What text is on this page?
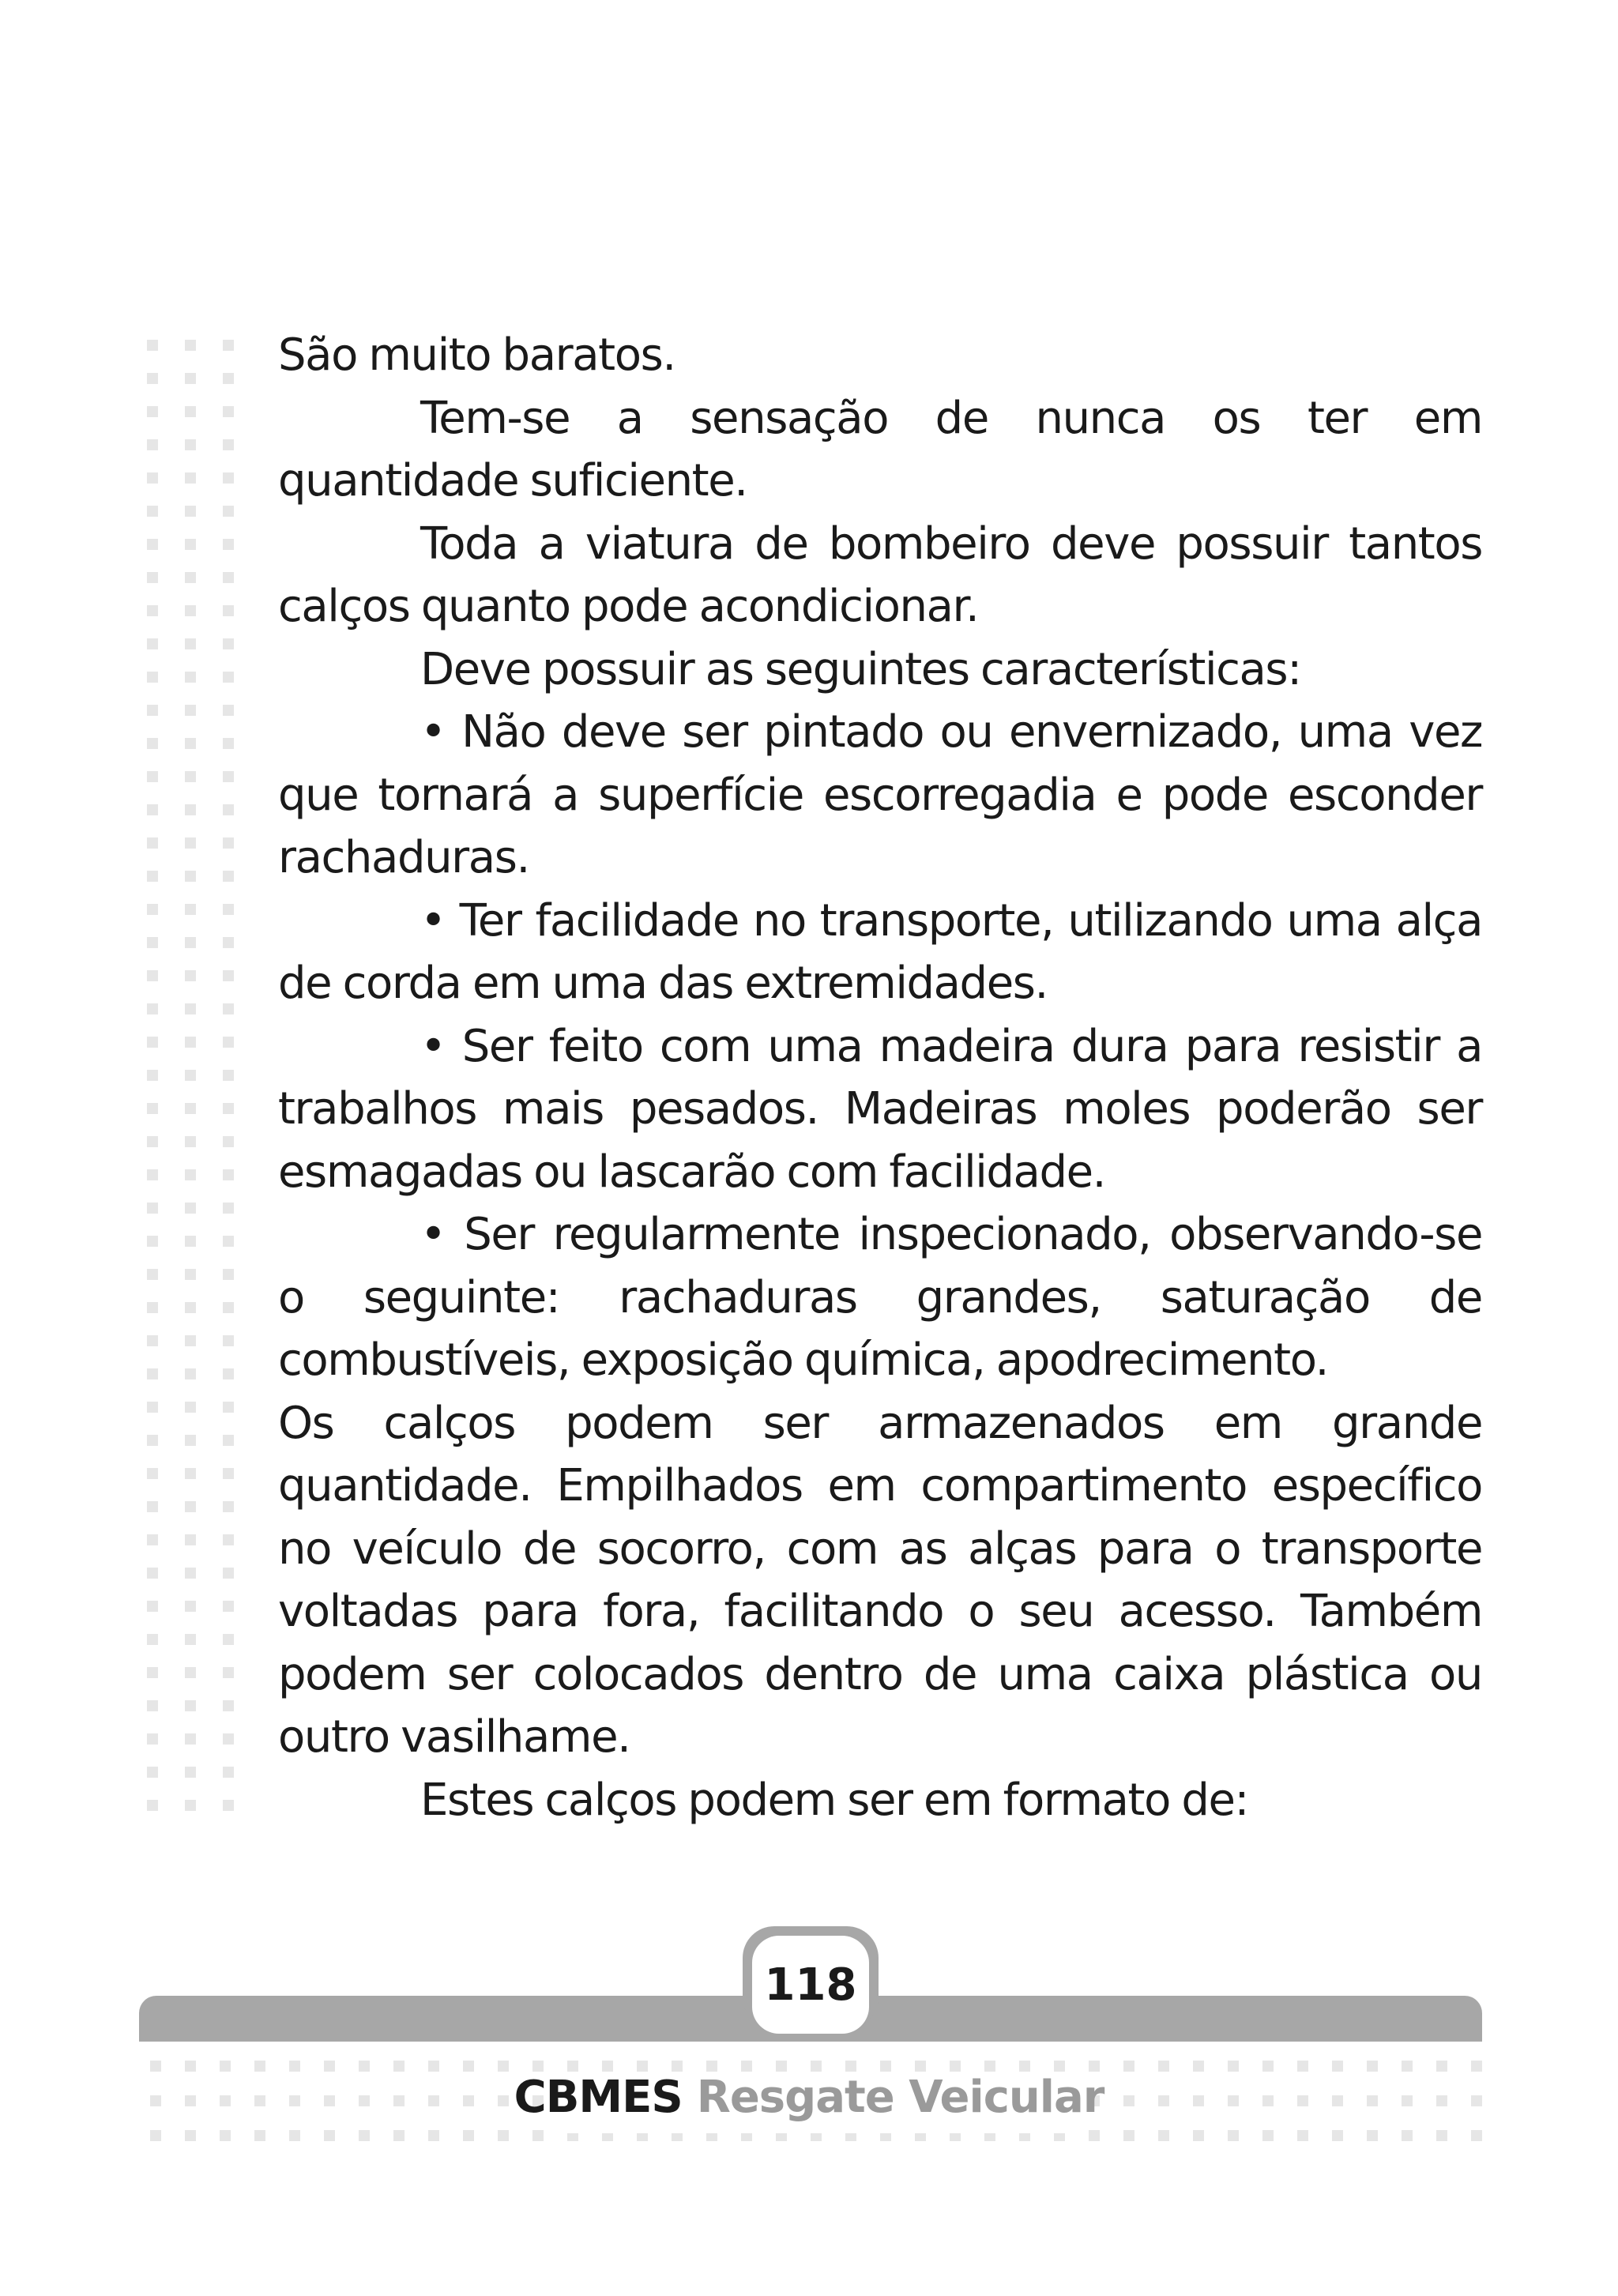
São muito baratos.

Tem-se a sensação de nunca os ter em quantidade suficiente.

Toda a viatura de bombeiro deve possuir tantos calços quanto pode acondicionar.

Deve possuir as seguintes características:

• Não deve ser pintado ou envernizado, uma vez que tornará a superfície escorregadia e pode esconder rachaduras.

• Ter facilidade no transporte, utilizando uma alça de corda em uma das extremidades.

• Ser feito com uma madeira dura para resistir a trabalhos mais pesados. Madeiras moles poderão ser esmagadas ou lascarão com facilidade.

• Ser regularmente inspecionado, observando-se o seguinte: rachaduras grandes, saturação de combustíveis, exposição química, apodrecimento.

Os calços podem ser armazenados em grande quantidade. Empilhados em compartimento específico no veículo de socorro, com as alças para o transporte voltadas para fora, facilitando o seu acesso. Também podem ser colocados dentro de uma caixa plástica ou outro vasilhame.

Estes calços podem ser em formato de:

118
CBMES Resgate Veicular
